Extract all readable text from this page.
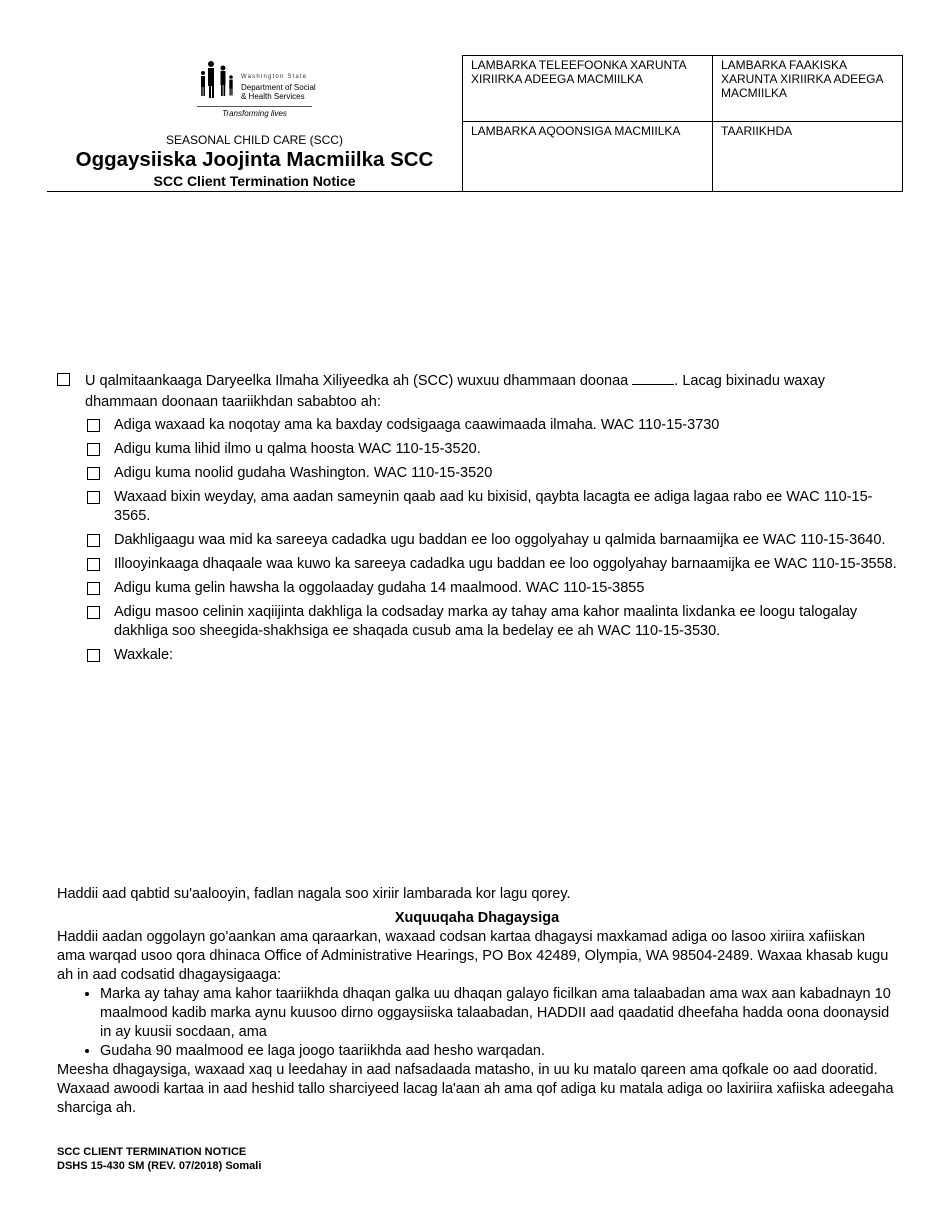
Washington State
Department of Social
& Health Services
Transforming lives
SEASONAL CHILD CARE (SCC)
Oggaysiiska Joojinta Macmiilka SCC
SCC Client Termination Notice
LAMBARKA TELEEFOONKA XARUNTA XIRIIRKA ADEEGA MACMIILKA	LAMBARKA FAAKISKA XARUNTA XIRIIRKA ADEEGA MACMIILKA
LAMBARKA AQOONSIGA MACMIILKA	TAARIIKHDA
U qalmitaankaaga Daryeelka Ilmaha Xiliyeedka ah (SCC) wuxuu dhammaan doonaa	. Lacag bixinadu waxay dhammaan doonaan taariikhdan sababtoo ah:
Adiga waxaad ka noqotay ama ka baxday codsigaaga caawimaada ilmaha. WAC 110-15-3730
Adigu kuma lihid ilmo u qalma hoosta WAC 110-15-3520.
Adigu kuma noolid gudaha Washington. WAC 110-15-3520
Waxaad bixin weyday, ama aadan sameynin qaab aad ku bixisid, qaybta lacagta ee adiga lagaa rabo ee WAC 110-15-3565.
Dakhligaagu waa mid ka sareeya cadadka ugu baddan ee loo oggolyahay u qalmida barnaamijka ee WAC 110-15-3640.
Illooyinkaaga dhaqaale waa kuwo ka sareeya cadadka ugu baddan ee loo oggolyahay barnaamijka ee WAC 110-15-3558.
Adigu kuma gelin hawsha la oggolaaday gudaha 14 maalmood. WAC 110-15-3855
Adigu masoo celinin xaqiijinta dakhliga la codsaday marka ay tahay ama kahor maalinta lixdanka ee loogu talogalay dakhliga soo sheegida-shakhsiga ee shaqada cusub ama la bedelay ee ah WAC 110-15-3530.
Waxkale:

Haddii aad qabtid su'aalooyin, fadlan nagala soo xiriir lambarada kor lagu qorey.

Xuquuqaha Dhagaysiga

Haddii aadan oggolayn go'aankan ama qaraarkan, waxaad codsan kartaa dhagaysi maxkamad adiga oo lasoo xiriira xafiiskan ama warqad usoo qora dhinaca Office of Administrative Hearings, PO Box 42489, Olympia, WA 98504-2489. Waxaa khasab kugu ah in aad codsatid dhagaysigaaga:

• Marka ay tahay ama kahor taariikhda dhaqan galka uu dhaqan galayo ficilkan ama talaabadan ama wax aan kabadnayn 10 maalmood kadib marka aynu kuusoo dirno oggaysiiska talaabadan, HADDII aad qaadatid dheefaha hadda oona doonaysid in ay kuusii socdaan, ama
• Gudaha 90 maalmood ee laga joogo taariikhda aad hesho warqadan.

Meesha dhagaysiga, waxaad xaq u leedahay in aad nafsadaada matasho, in uu ku matalo qareen ama qofkale oo aad dooratid. Waxaad awoodi kartaa in aad heshid tallo sharciyeed lacag la'aan ah ama qof adiga ku matala adiga oo laxiriira xafiiska adeegaha sharciga ah.

SCC CLIENT TERMINATION NOTICE
DSHS 15-430 SM (REV. 07/2018) Somali
